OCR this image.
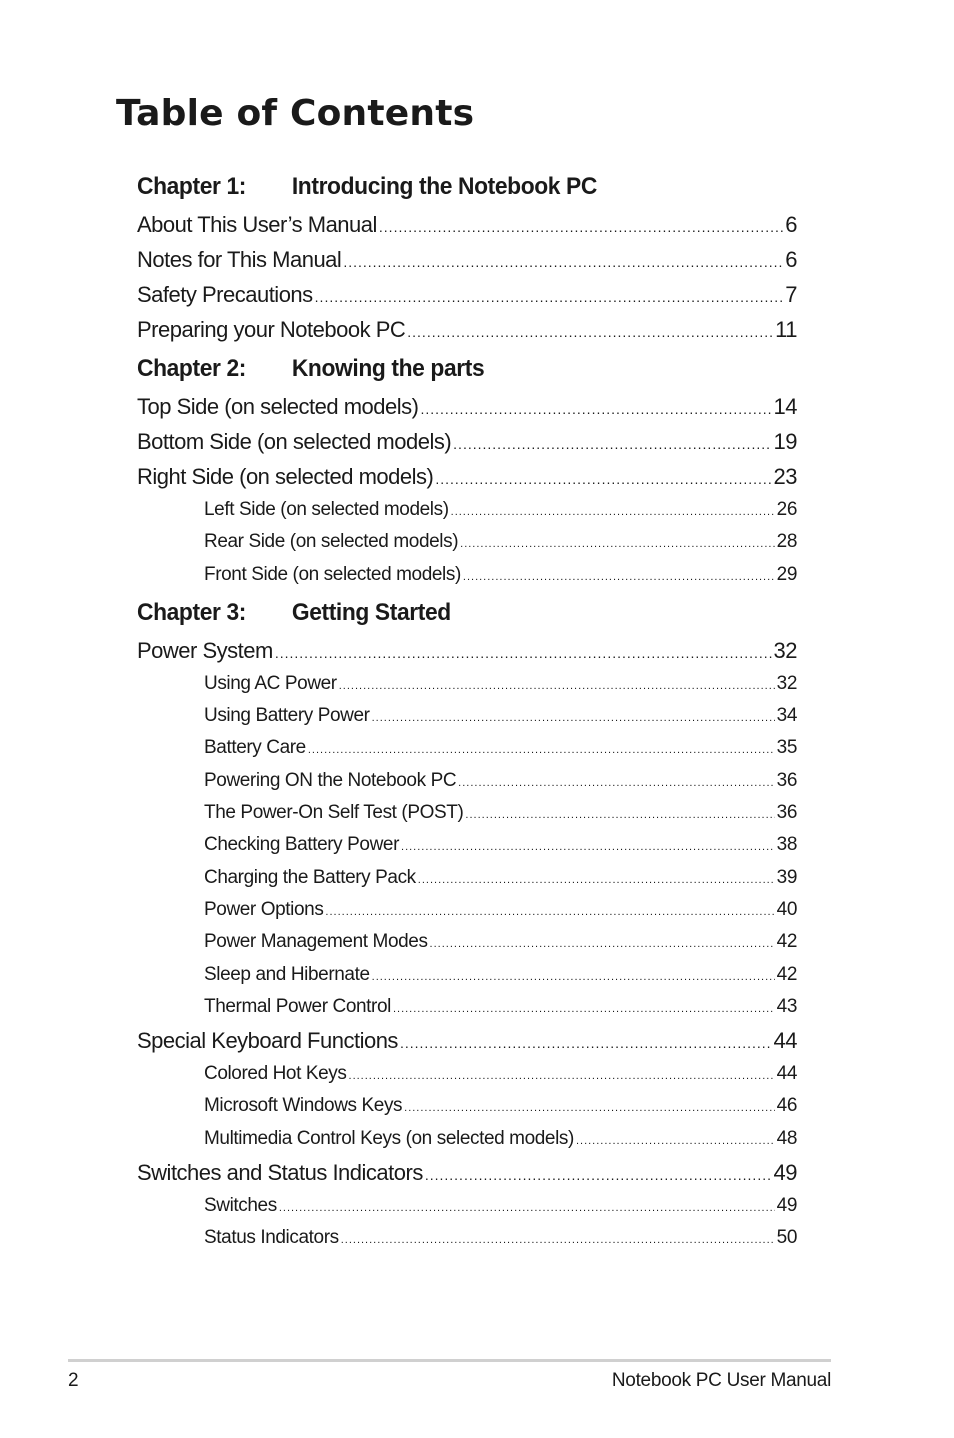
Table of Contents
Chapter 1:	Introducing the Notebook PC
About This User’s Manual .....	6
Notes for This Manual .....	6
Safety Precautions .....	7
Preparing your Notebook PC .....	11
Chapter 2:	Knowing the parts
Top Side (on selected models) .....	14
Bottom Side (on selected models) .....	19
Right Side (on selected models) .....	23
Left Side (on selected models) .....	26
Rear Side (on selected models) .....	28
Front Side (on selected models) .....	29
Chapter 3:	Getting Started
Power System .....	32
Using AC Power .....	32
Using Battery Power .....	34
Battery Care .....	35
Powering ON the Notebook PC .....	36
The Power-On Self Test (POST) .....	36
Checking Battery Power .....	38
Charging the Battery Pack .....	39
Power Options .....	40
Power Management Modes .....	42
Sleep and Hibernate .....	42
Thermal Power Control .....	43
Special Keyboard Functions .....	44
Colored Hot Keys .....	44
Microsoft Windows Keys .....	46
Multimedia Control Keys (on selected models) .....	48
Switches and Status Indicators .....	49
Switches .....	49
Status Indicators .....	50
2	Notebook PC User Manual
